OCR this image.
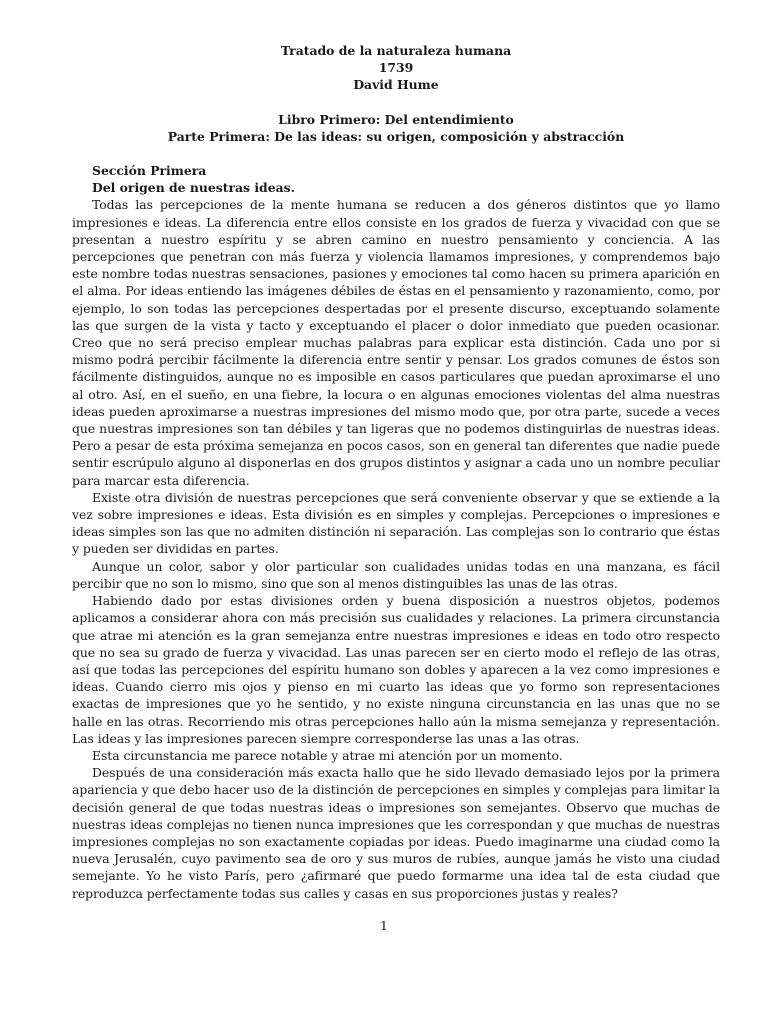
Tratado de la naturaleza humana

1739

David Hume

Libro Primero: Del entendimiento

Parte Primera: De las ideas: su origen, composición y abstracción

Sección Primera

Del origen de nuestras ideas.

Todas las percepciones de la mente humana se reducen a dos géneros distintos que yo llamo impresiones e ideas. La diferencia entre ellos consiste en los grados de fuerza y vivacidad con que se presentan a nuestro espíritu y se abren camino en nuestro pensamiento y conciencia. A las percepciones que penetran con más fuerza y violencia llamamos impresiones, y comprendemos bajo este nombre todas nuestras sensaciones, pasiones y emociones tal como hacen su primera aparición en el alma. Por ideas entiendo las imágenes débiles de éstas en el pensamiento y razonamiento, como, por ejemplo, lo son todas las percepciones despertadas por el presente discurso, exceptuando solamente las que surgen de la vista y tacto y exceptuando el placer o dolor inmediato que pueden ocasionar. Creo que no será preciso emplear muchas palabras para explicar esta distinción. Cada uno por si mismo podrá percibir fácilmente la diferencia entre sentir y pensar. Los grados comunes de éstos son fácilmente distinguidos, aunque no es imposible en casos particulares que puedan aproximarse el uno al otro. Así, en el sueño, en una fiebre, la locura o en algunas emociones violentas del alma nuestras ideas pueden aproximarse a nuestras impresiones del mismo modo que, por otra parte, sucede a veces que nuestras impresiones son tan débiles y tan ligeras que no podemos distinguirlas de nuestras ideas. Pero a pesar de esta próxima semejanza en pocos casos, son en general tan diferentes que nadie puede sentir escrúpulo alguno al disponerlas en dos grupos distintos y asignar a cada uno un nombre peculiar para marcar esta diferencia.

Existe otra división de nuestras percepciones que será conveniente observar y que se extiende a la vez sobre impresiones e ideas. Esta división es en simples y complejas. Percepciones o impresiones e ideas simples son las que no admiten distinción ni separación. Las complejas son lo contrario que éstas y pueden ser divididas en partes.

Aunque un color, sabor y olor particular son cualidades unidas todas en una manzana, es fácil percibir que no son lo mismo, sino que son al menos distinguibles las unas de las otras.

Habiendo dado por estas divisiones orden y buena disposición a nuestros objetos, podemos aplicamos a considerar ahora con más precisión sus cualidades y relaciones. La primera circunstancia que atrae mi atención es la gran semejanza entre nuestras impresiones e ideas en todo otro respecto que no sea su grado de fuerza y vivacidad. Las unas parecen ser en cierto modo el reflejo de las otras, así que todas las percepciones del espíritu humano son dobles y aparecen a la vez como impresiones e ideas. Cuando cierro mis ojos y pienso en mi cuarto las ideas que yo formo son representaciones exactas de impresiones que yo he sentido, y no existe ninguna circunstancia en las unas que no se halle en las otras. Recorriendo mis otras percepciones hallo aún la misma semejanza y representación. Las ideas y las impresiones parecen siempre corresponderse las unas a las otras.

Esta circunstancia me parece notable y atrae mi atención por un momento.

Después de una consideración más exacta hallo que he sido llevado demasiado lejos por la primera apariencia y que debo hacer uso de la distinción de percepciones en simples y complejas para limitar la decisión general de que todas nuestras ideas o impresiones son semejantes. Observo que muchas de nuestras ideas complejas no tienen nunca impresiones que les correspondan y que muchas de nuestras impresiones complejas no son exactamente copiadas por ideas. Puedo imaginarme una ciudad como la nueva Jerusalén, cuyo pavimento sea de oro y sus muros de rubíes, aunque jamás he visto una ciudad semejante. Yo he visto París, pero ¿afirmaré que puedo formarme una idea tal de esta ciudad que reproduzca perfectamente todas sus calles y casas en sus proporciones justas y reales?

1
